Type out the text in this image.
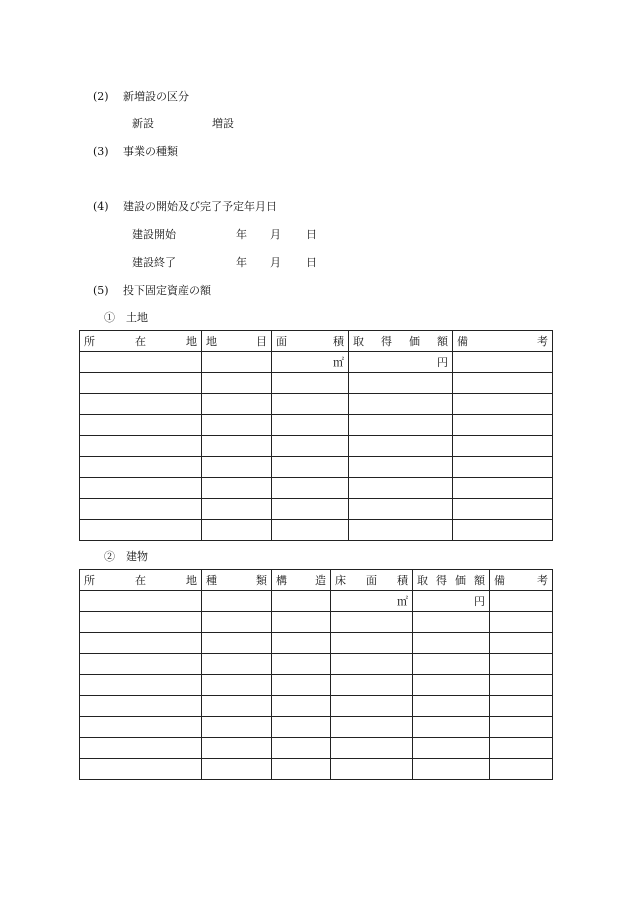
(2) 新増設の区分
新設	増設
(3) 事業の種類
(4) 建設の開始及び完了予定年月日
建設開始	年 月 日
建設終了	年 月 日
(5) 投下固定資産の額
①　土地
所 在 地	地 目	面 積	取 得 価 額	備 考

		㎡	円	

②　建物
所 在 地	種 類	構 造	床 面 積	取 得 価 額	備 考

			㎡	円	
